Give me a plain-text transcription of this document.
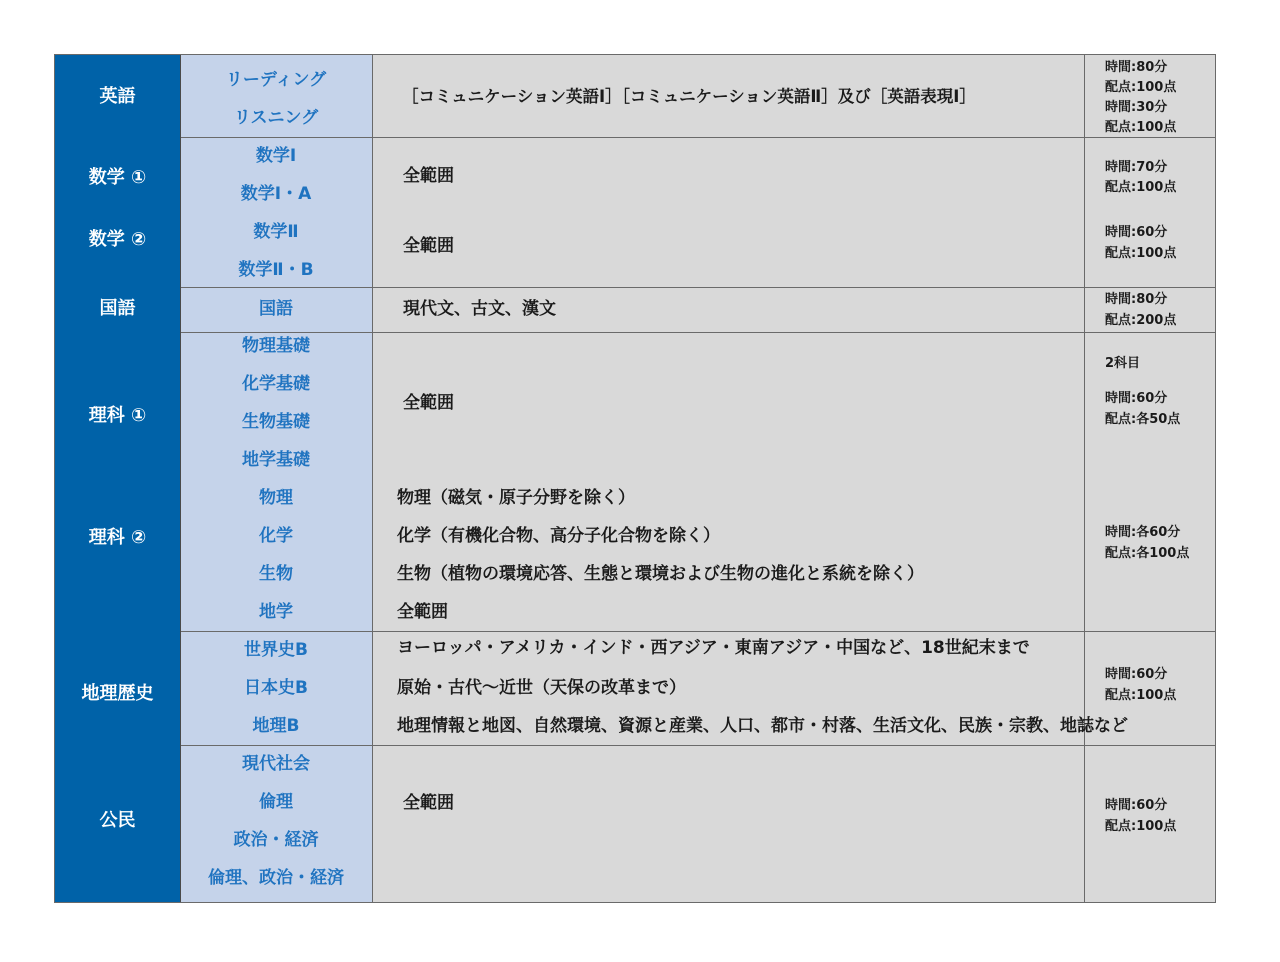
英語
数学 ①
数学 ②
国語
理科 ①
理科 ②
地理歴史
公民
リーディング
リスニング
数学Ⅰ
数学Ⅰ・A
数学Ⅱ
数学Ⅱ・B
国語
物理基礎
化学基礎
生物基礎
地学基礎
物理
化学
生物
地学
世界史B
日本史B
地理B
現代社会
倫理
政治・経済
倫理、政治・経済
［コミュニケーション英語Ⅰ］［コミュニケーション英語Ⅱ］及び［英語表現Ⅰ］
全範囲
全範囲
現代文、古文、漢文
全範囲
物理（磁気・原子分野を除く）
化学（有機化合物、高分子化合物を除く）
生物（植物の環境応答、生態と環境および生物の進化と系統を除く）
全範囲
ヨーロッパ・アメリカ・インド・西アジア・東南アジア・中国など、18世紀末まで
原始・古代〜近世（天保の改革まで）
地理情報と地図、自然環境、資源と産業、人口、都市・村落、生活文化、民族・宗教、地誌など
全範囲
時間:80分
配点:100点
時間:30分
配点:100点
時間:70分
配点:100点
時間:60分
配点:100点
時間:80分
配点:200点
2科目
時間:60分
配点:各50点
時間:各60分
配点:各100点
時間:60分
配点:100点
時間:60分
配点:100点
